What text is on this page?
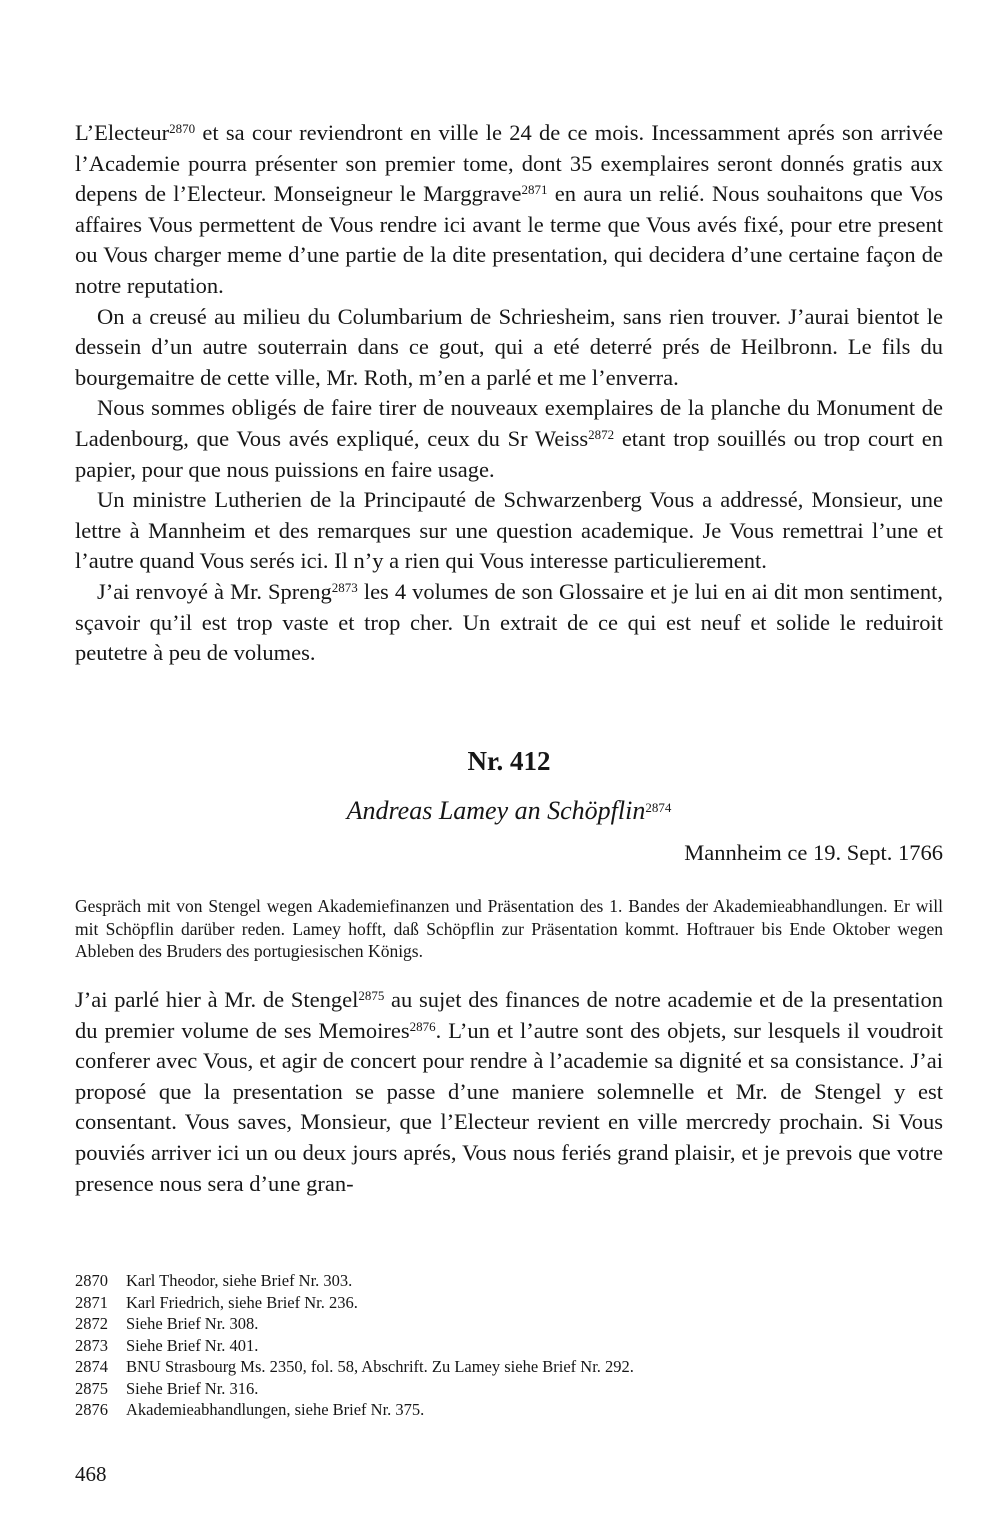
L’Electeur$^{2870}$ et sa cour reviendront en ville le 24 de ce mois. Incessamment aprés son arrivée l’Academie pourra présenter son premier tome, dont 35 exemplaires seront donnés gratis aux depens de l’Electeur. Monseigneur le Marggrave$^{2871}$ en aura un relié. Nous souhaitons que Vos affaires Vous permettent de Vous rendre ici avant le terme que Vous avés fixé, pour etre present ou Vous charger meme d’une partie de la dite presentation, qui decidera d’une certaine façon de notre reputation.

On a creusé au milieu du Columbarium de Schriesheim, sans rien trouver. J’aurai bientot le dessein d’un autre souterrain dans ce gout, qui a eté deterré prés de Heilbronn. Le fils du bourgemaitre de cette ville, Mr. Roth, m’en a parlé et me l’enverra.

Nous sommes obligés de faire tirer de nouveaux exemplaires de la planche du Monument de Ladenbourg, que Vous avés expliqué, ceux du Sr Weiss$^{2872}$ etant trop souillés ou trop court en papier, pour que nous puissions en faire usage.

Un ministre Lutherien de la Principauté de Schwarzenberg Vous a addressé, Monsieur, une lettre à Mannheim et des remarques sur une question academique. Je Vous remettrai l’une et l’autre quand Vous serés ici. Il n’y a rien qui Vous interesse particulierement.

J’ai renvoyé à Mr. Spreng$^{2873}$ les 4 volumes de son Glossaire et je lui en ai dit mon sentiment, sçavoir qu’il est trop vaste et trop cher. Un extrait de ce qui est neuf et solide le reduiroit peutetre à peu de volumes.

Nr. 412
Andreas Lamey an Schöpflin$^{2874}$
Mannheim ce 19. Sept. 1766
Gespräch mit von Stengel wegen Akademiefinanzen und Präsentation des 1. Bandes der Akademieabhandlungen. Er will mit Schöpflin darüber reden. Lamey hofft, daß Schöpflin zur Präsentation kommt. Hoftrauer bis Ende Oktober wegen Ableben des Bruders des portugiesischen Königs.

J’ai parlé hier à Mr. de Stengel$^{2875}$ au sujet des finances de notre academie et de la presentation du premier volume de ses Memoires$^{2876}$. L’un et l’autre sont des objets, sur lesquels il voudroit conferer avec Vous, et agir de concert pour rendre à l’academie sa dignité et sa consistance. J’ai proposé que la presentation se passe d’une maniere solemnelle et Mr. de Stengel y est consentant. Vous saves, Monsieur, que l’Electeur revient en ville mercredy prochain. Si Vous pouviés arriver ici un ou deux jours aprés, Vous nous feriés grand plaisir, et je prevois que votre presence nous sera d’une gran-

2870	Karl Theodor, siehe Brief Nr. 303.
2871	Karl Friedrich, siehe Brief Nr. 236.
2872	Siehe Brief Nr. 308.
2873	Siehe Brief Nr. 401.
2874	BNU Strasbourg Ms. 2350, fol. 58, Abschrift. Zu Lamey siehe Brief Nr. 292.
2875	Siehe Brief Nr. 316.
2876	Akademieabhandlungen, siehe Brief Nr. 375.
468
